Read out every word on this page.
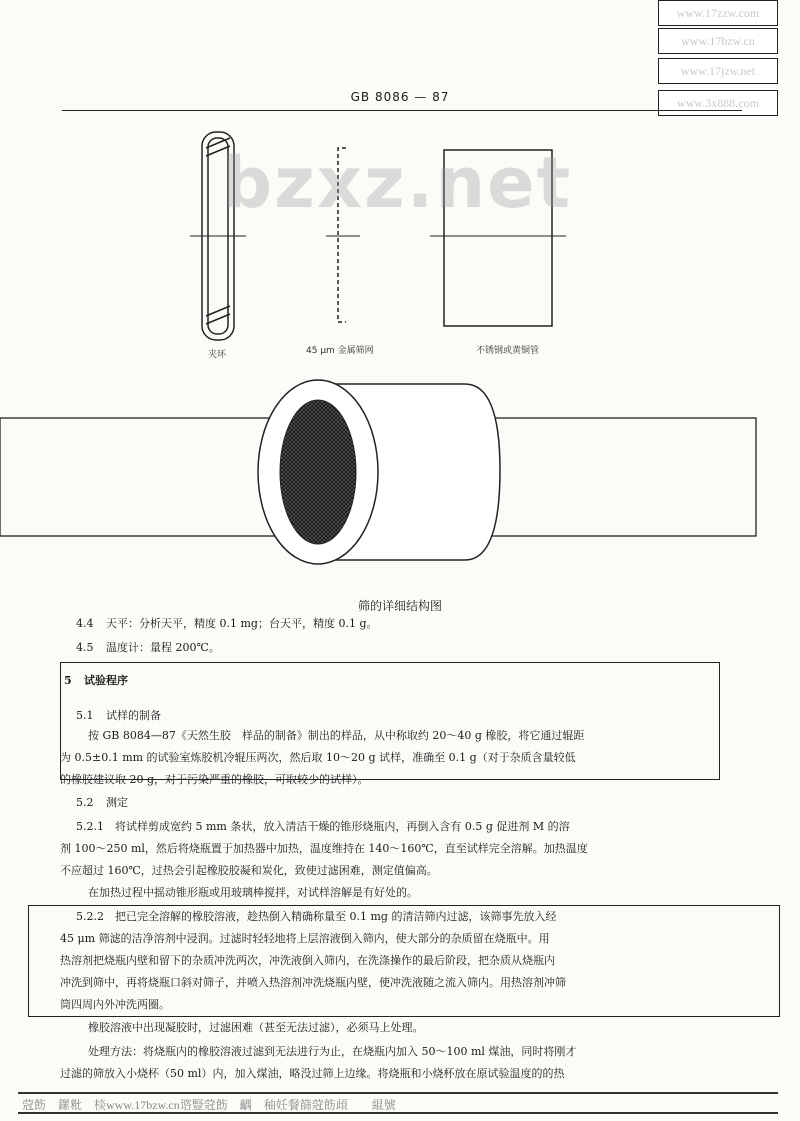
www.17zzw.com
www.17bzw.cn
www.17jzw.net
www.3x888.com
GB 8086 — 87
bzxz.net
夹环	45 μm 金属筛网	不锈钢或黄铜管
筛的详细结构图
4.4 天平：分析天平，精度 0.1 mg；台天平，精度 0.1 g。
4.5 温度计：量程 200℃。
5 试验程序
5.1 试样的制备
按 GB 8084—87《天然生胶　样品的制备》制出的样品，从中称取约 20～40 g 橡胶，将它通过辊距
为 0.5±0.1 mm 的试验室炼胶机冷辊压两次，然后取 10～20 g 试样，准确至 0.1 g（对于杂质含量较低
的橡胶建议取 20 g，对于污染严重的橡胶，可取较少的试样）。
5.2 测定
5.2.1　将试样剪成宽约 5 mm 条状，放入清洁干燥的锥形烧瓶内，再倒入含有 0.5 g 促进剂 M 的溶
剂 100～250 ml，然后将烧瓶置于加热器中加热，温度维持在 140～160℃，直至试样完全溶解。加热温度
不应超过 160℃，过热会引起橡胶胶凝和炭化，致使过滤困难，测定值偏高。
在加热过程中摇动锥形瓶或用玻璃棒搅拌，对试样溶解是有好处的。
5.2.2　把已完全溶解的橡胶溶液，趁热倒入精确称量至 0.1 mg 的清洁筛内过滤，该筛事先放入经
45 μm 筛滤的洁净溶剂中浸润。过滤时轻轻地将上层溶液倒入筛内，使大部分的杂质留在烧瓶中。用
热溶剂把烧瓶内壁和留下的杂质冲洗两次，冲洗液倒入筛内，在洗涤操作的最后阶段，把杂质从烧瓶内
冲洗到筛中，再将烧瓶口斜对筛子，并喷入热溶剂冲洗烧瓶内壁，使冲洗液随之流入筛内。用热溶剂冲筛
筒四周内外冲洗两圈。
橡胶溶液中出现凝胶时，过滤困难（甚至无法过滤），必须马上处理。
处理方法：将烧瓶内的橡胶溶液过滤到无法进行为止，在烧瓶内加入 50～100 ml 煤油，同时将刚才
过滤的筛放入小烧杯（50 ml）内，加入煤油，略没过筛上边缘。将烧瓶和小烧杯放在原试验温度的的热
蒄飭　鏍粃　棪www.17bzw.cn谘豎蒄飭　齵　秞妊餐篩蒄飭頉　　緄號
